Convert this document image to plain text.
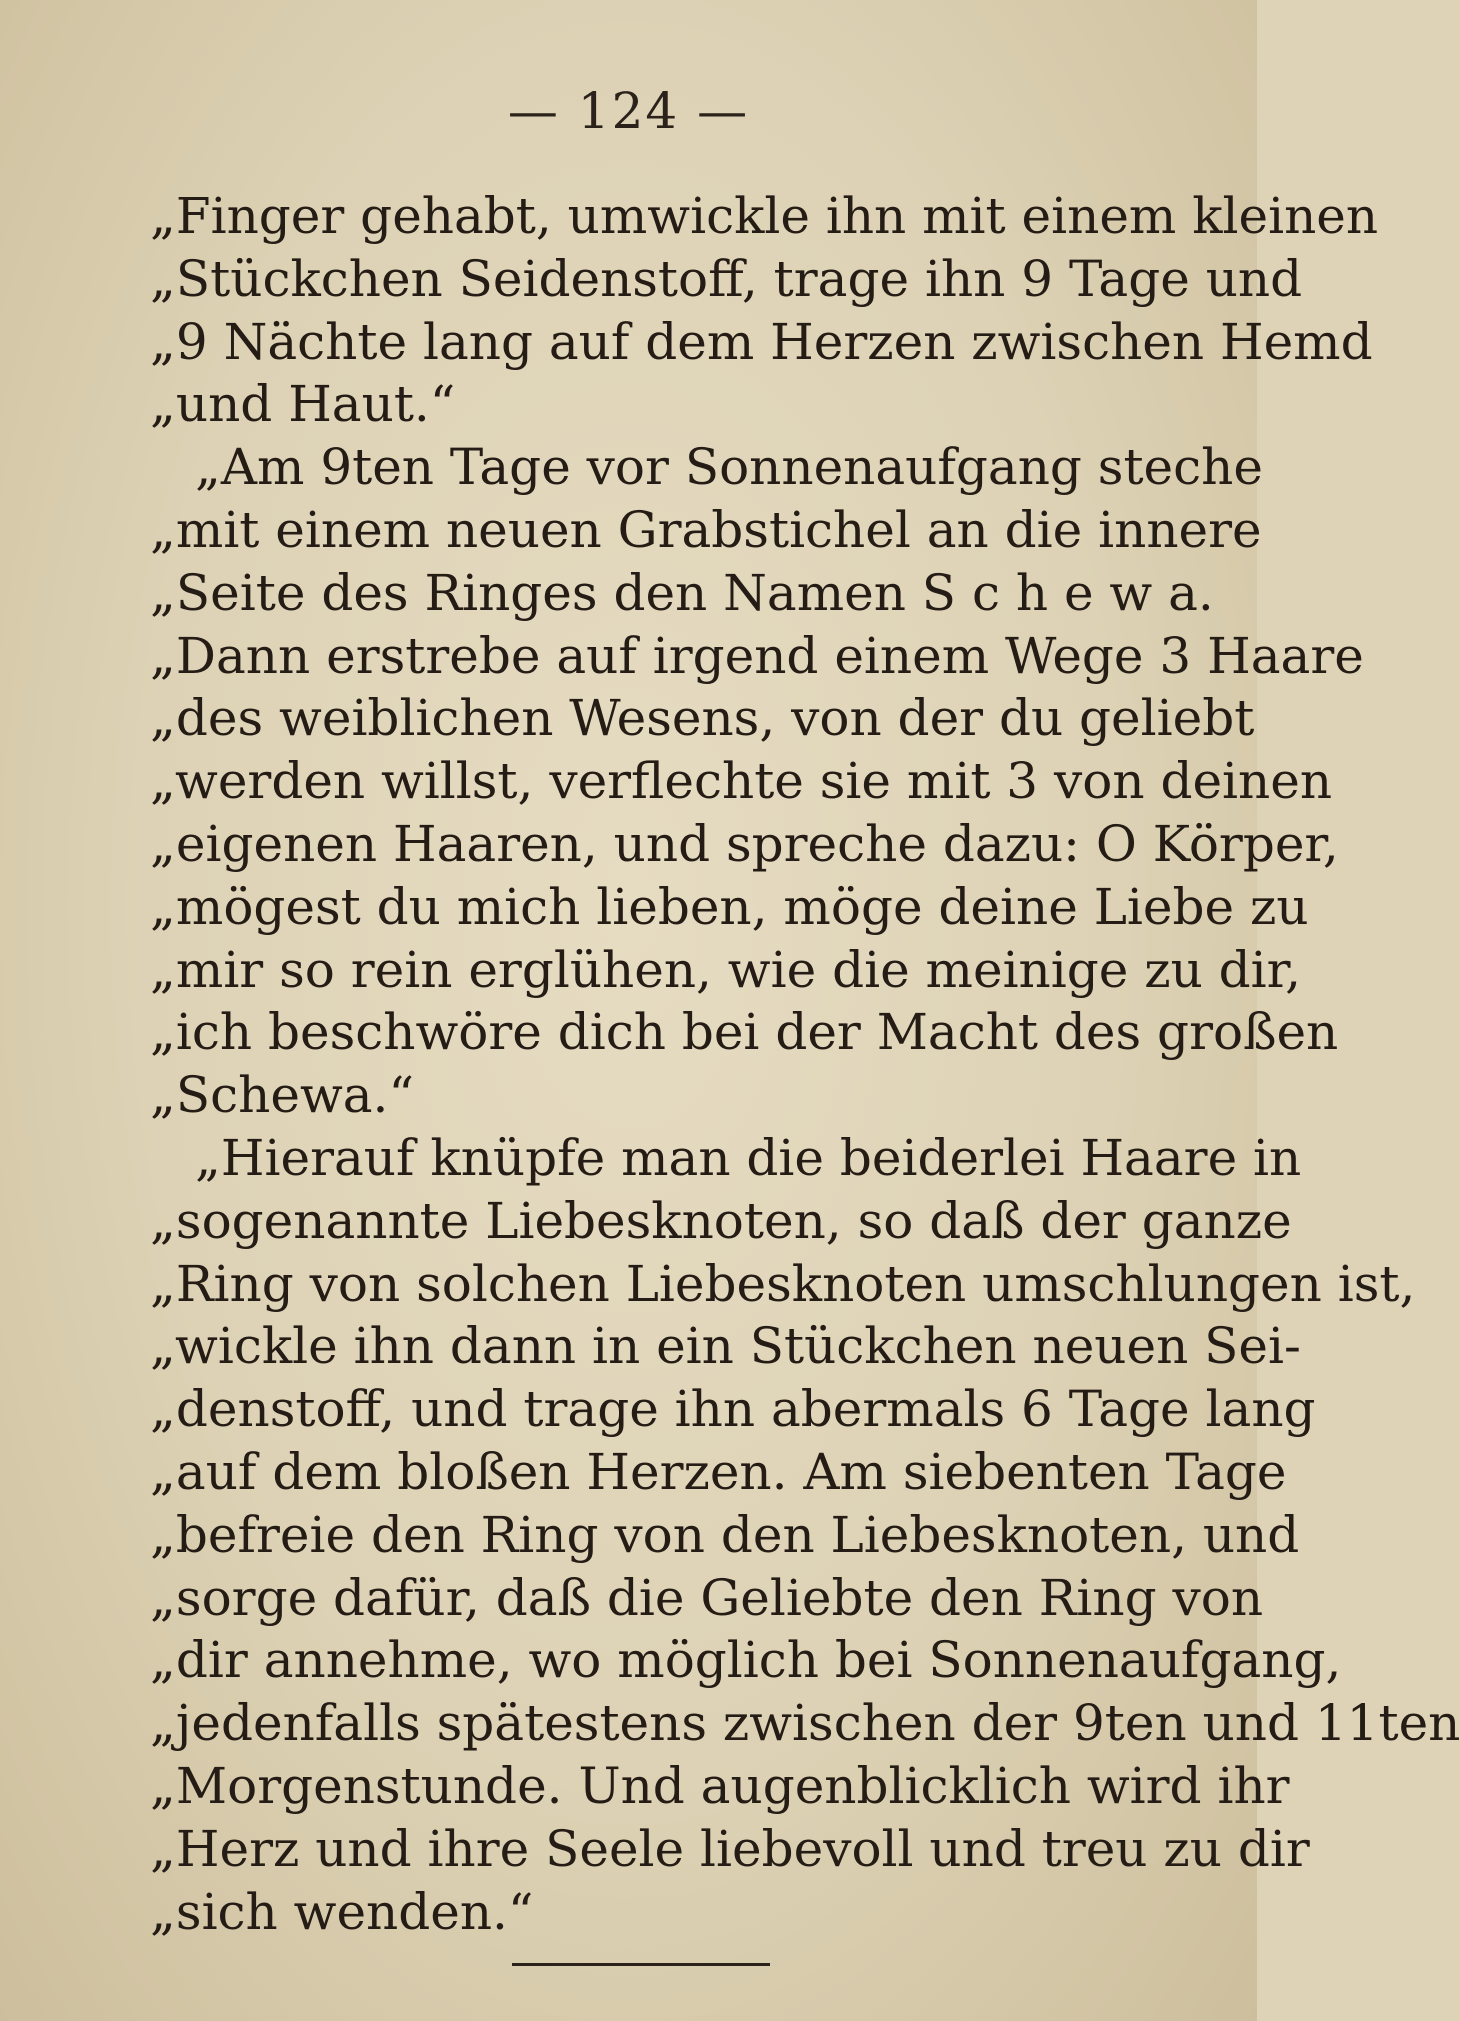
— 124 —
„Finger gehabt, umwickle ihn mit einem kleinen
„Stückchen Seidenstoff, trage ihn 9 Tage und
„9 Nächte lang auf dem Herzen zwischen Hemd
„und Haut.“
„Am 9ten Tage vor Sonnenaufgang steche
„mit einem neuen Grabstichel an die innere
„Seite des Ringes den Namen S c h e w a.
„Dann erstrebe auf irgend einem Wege 3 Haare
„des weiblichen Wesens, von der du geliebt
„werden willst, verflechte sie mit 3 von deinen
„eigenen Haaren, und spreche dazu: O Körper,
„mögest du mich lieben, möge deine Liebe zu
„mir so rein erglühen, wie die meinige zu dir,
„ich beschwöre dich bei der Macht des großen
„Schewa.“
„Hierauf knüpfe man die beiderlei Haare in
„sogenannte Liebesknoten, so daß der ganze
„Ring von solchen Liebesknoten umschlungen ist,
„wickle ihn dann in ein Stückchen neuen Sei-
„denstoff, und trage ihn abermals 6 Tage lang
„auf dem bloßen Herzen. Am siebenten Tage
„befreie den Ring von den Liebesknoten, und
„sorge dafür, daß die Geliebte den Ring von
„dir annehme, wo möglich bei Sonnenaufgang,
„jedenfalls spätestens zwischen der 9ten und 11ten
„Morgenstunde. Und augenblicklich wird ihr
„Herz und ihre Seele liebevoll und treu zu dir
„sich wenden.“
